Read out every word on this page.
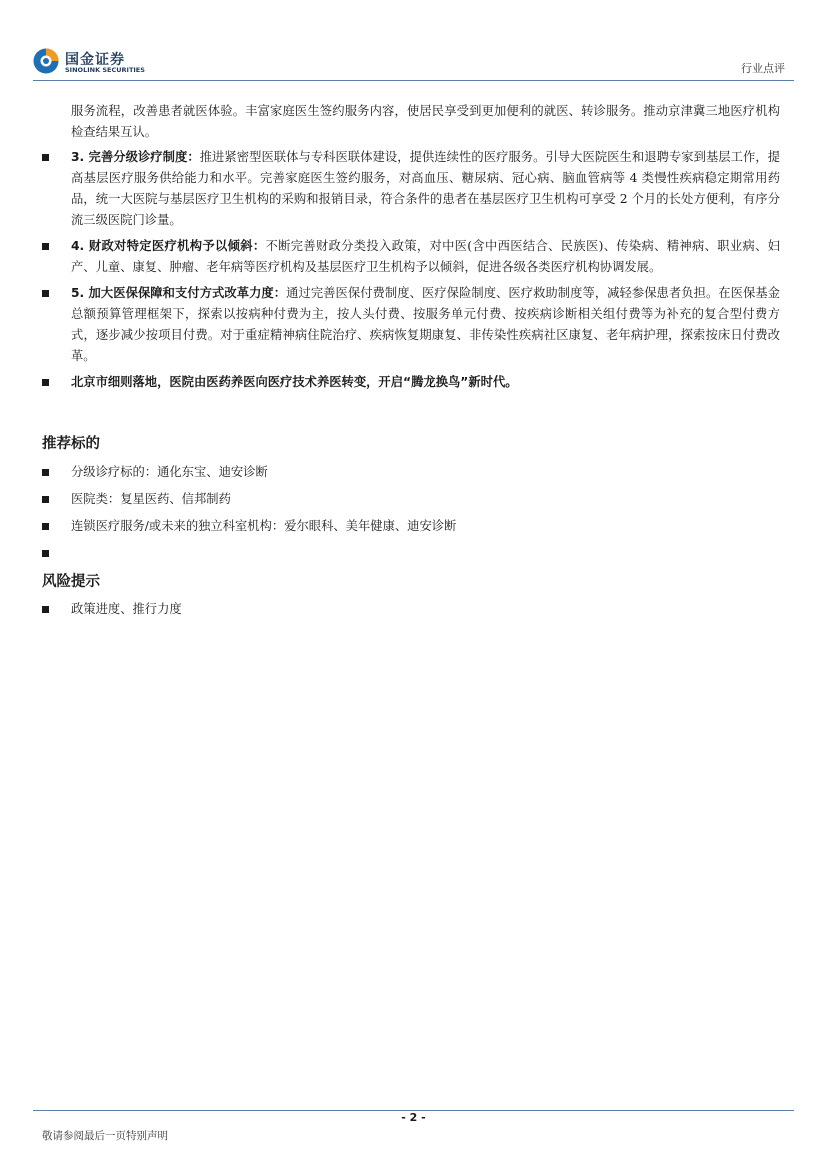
国金证券
SINOLINK SECURITIES	行业点评

服务流程，改善患者就医体验。丰富家庭医生签约服务内容，使居民享受到更加便利的就医、转诊服务。推动京津冀三地医疗机构检查结果互认。

3. 完善分级诊疗制度：推进紧密型医联体与专科医联体建设，提供连续性的医疗服务。引导大医院医生和退聘专家到基层工作，提高基层医疗服务供给能力和水平。完善家庭医生签约服务，对高血压、糖尿病、冠心病、脑血管病等 4 类慢性疾病稳定期常用药品，统一大医院与基层医疗卫生机构的采购和报销目录，符合条件的患者在基层医疗卫生机构可享受 2 个月的长处方便利，有序分流三级医院门诊量。
4. 财政对特定医疗机构予以倾斜：不断完善财政分类投入政策，对中医(含中西医结合、民族医)、传染病、精神病、职业病、妇产、儿童、康复、肿瘤、老年病等医疗机构及基层医疗卫生机构予以倾斜，促进各级各类医疗机构协调发展。
5. 加大医保保障和支付方式改革力度：通过完善医保付费制度、医疗保险制度、医疗救助制度等，减轻参保患者负担。在医保基金总额预算管理框架下，探索以按病种付费为主，按人头付费、按服务单元付费、按疾病诊断相关组付费等为补充的复合型付费方式，逐步减少按项目付费。对于重症精神病住院治疗、疾病恢复期康复、非传染性疾病社区康复、老年病护理，探索按床日付费改革。
北京市细则落地，医院由医药养医向医疗技术养医转变，开启“腾龙换鸟”新时代。
推荐标的
分级诊疗标的：通化东宝、迪安诊断
医院类：复星医药、信邦制药
连锁医疗服务/或未来的独立科室机构：爱尔眼科、美年健康、迪安诊断
风险提示
政策进度、推行力度
- 2 -
敬请参阅最后一页特别声明
